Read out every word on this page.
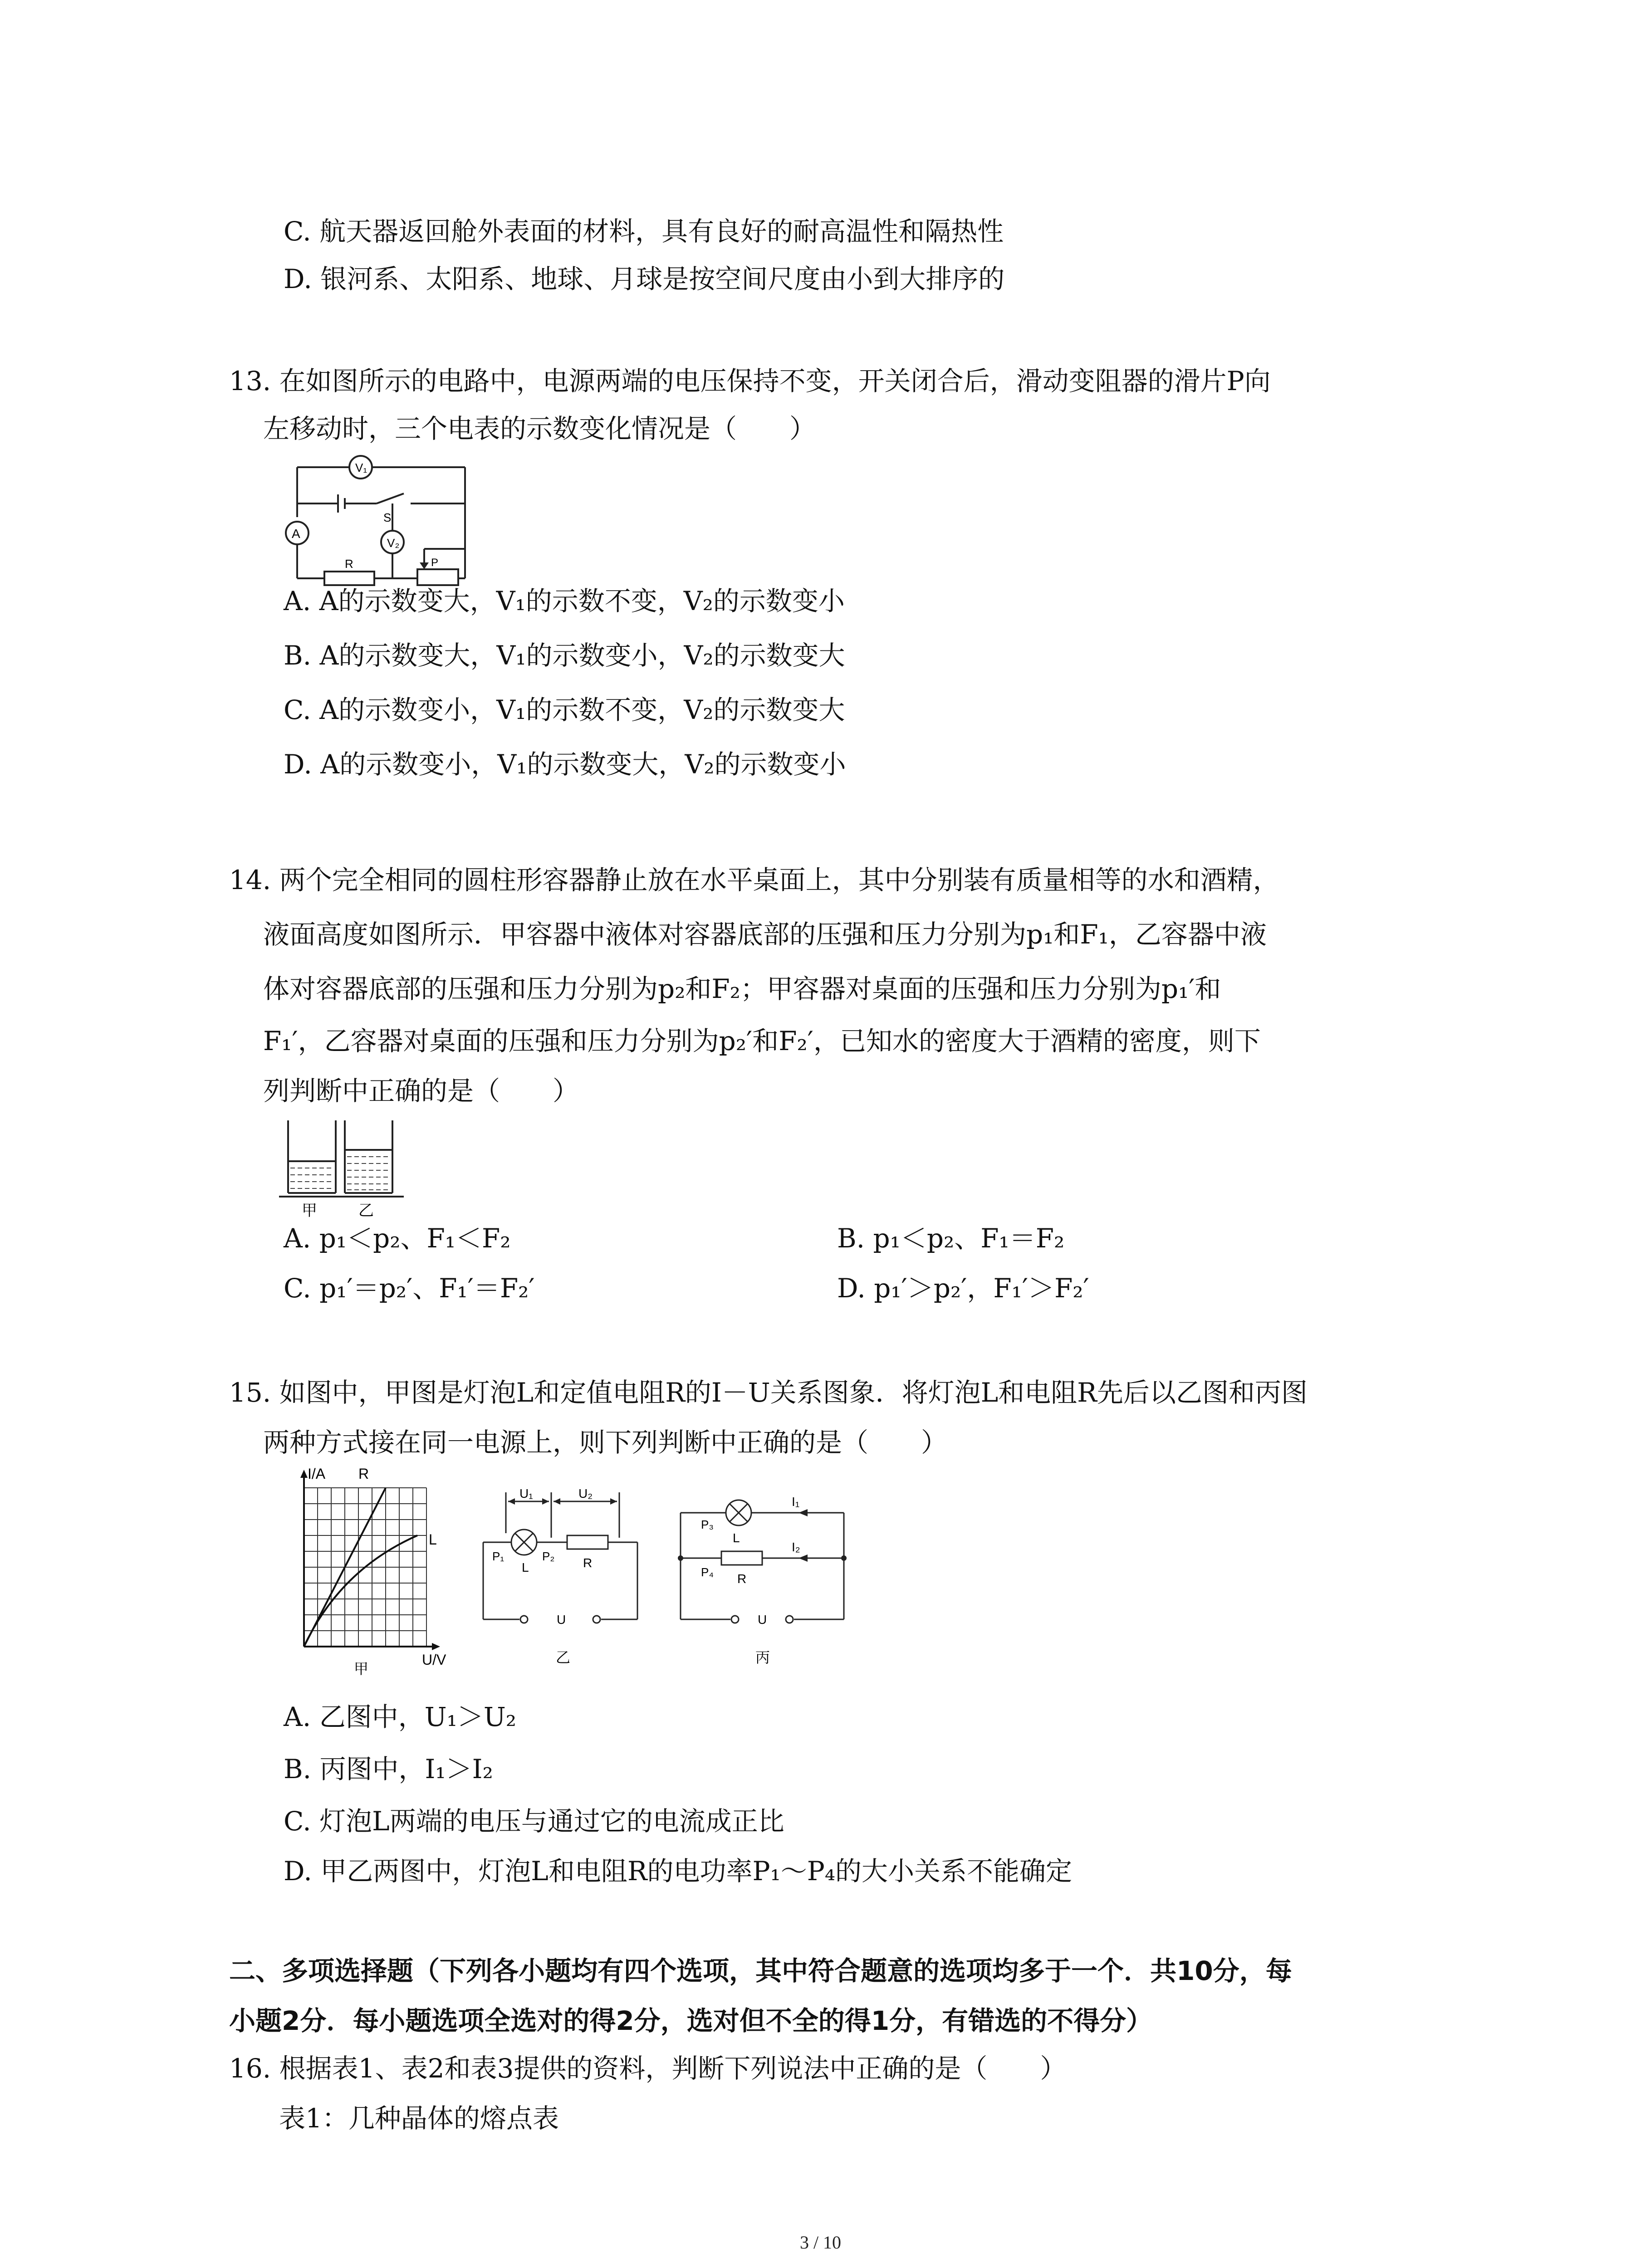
C. 航天器返回舱外表面的材料，具有良好的耐高温性和隔热性
D. 银河系、太阳系、地球、月球是按空间尺度由小到大排序的
13. 在如图所示的电路中，电源两端的电压保持不变，开关闭合后，滑动变阻器的滑片P向
左移动时，三个电表的示数变化情况是（　　）
V₁
A
V₂
S
R	P
A. A的示数变大，V₁的示数不变，V₂的示数变小
B. A的示数变大，V₁的示数变小，V₂的示数变大
C. A的示数变小，V₁的示数不变，V₂的示数变大
D. A的示数变小，V₁的示数变大，V₂的示数变小
14. 两个完全相同的圆柱形容器静止放在水平桌面上，其中分别装有质量相等的水和酒精，
液面高度如图所示．甲容器中液体对容器底部的压强和压力分别为p₁和F₁，乙容器中液
体对容器底部的压强和压力分别为p₂和F₂；甲容器对桌面的压强和压力分别为p₁′和
F₁′，乙容器对桌面的压强和压力分别为p₂′和F₂′，已知水的密度大于酒精的密度，则下
列判断中正确的是（　　）
甲	乙
A. p₁＜p₂、F₁＜F₂	B. p₁＜p₂、F₁＝F₂
C. p₁′＝p₂′、F₁′＝F₂′	D. p₁′＞p₂′，F₁′＞F₂′
15. 如图中，甲图是灯泡L和定值电阻R的I－U关系图象．将灯泡L和电阻R先后以乙图和丙图
两种方式接在同一电源上，则下列判断中正确的是（　　）
I/A
U/V
R
L
甲
U₁	U₂
P₁	P₂
L	R
U
乙
P₃
P₄
I₁
I₂
L
R
U
丙
A. 乙图中，U₁＞U₂
B. 丙图中，I₁＞I₂
C. 灯泡L两端的电压与通过它的电流成正比
D. 甲乙两图中，灯泡L和电阻R的电功率P₁～P₄的大小关系不能确定
二、多项选择题（下列各小题均有四个选项，其中符合题意的选项均多于一个．共10分，每
小题2分．每小题选项全选对的得2分，选对但不全的得1分，有错选的不得分）
16. 根据表1、表2和表3提供的资料，判断下列说法中正确的是（　　）
表1：几种晶体的熔点表
3 / 10
